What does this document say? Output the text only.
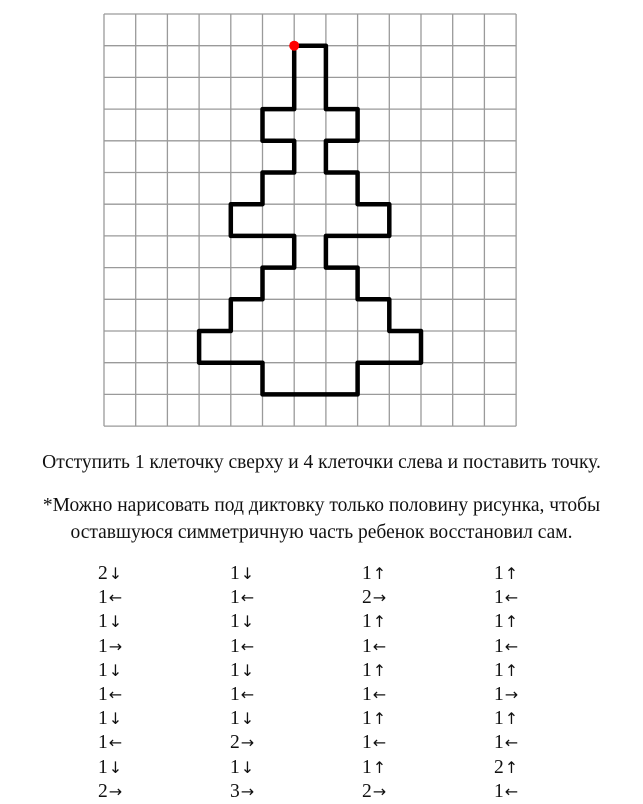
Отступить 1 клеточку сверху и 4 клеточки слева и поставить точку.
*Можно нарисовать под диктовку только половину рисунка, чтобы
оставшуюся симметричную часть ребенок восстановил сам.
2↓
1←
1↓
1→
1↓
1←
1↓
1←
1↓
2→
1↓
1←
1↓
1←
1↓
1←
1↓
2→
1↓
3→
1↑
2→
1↑
1←
1↑
1←
1↑
1←
1↑
2→
1↑
1←
1↑
1←
1↑
1→
1↑
1←
2↑
1←
